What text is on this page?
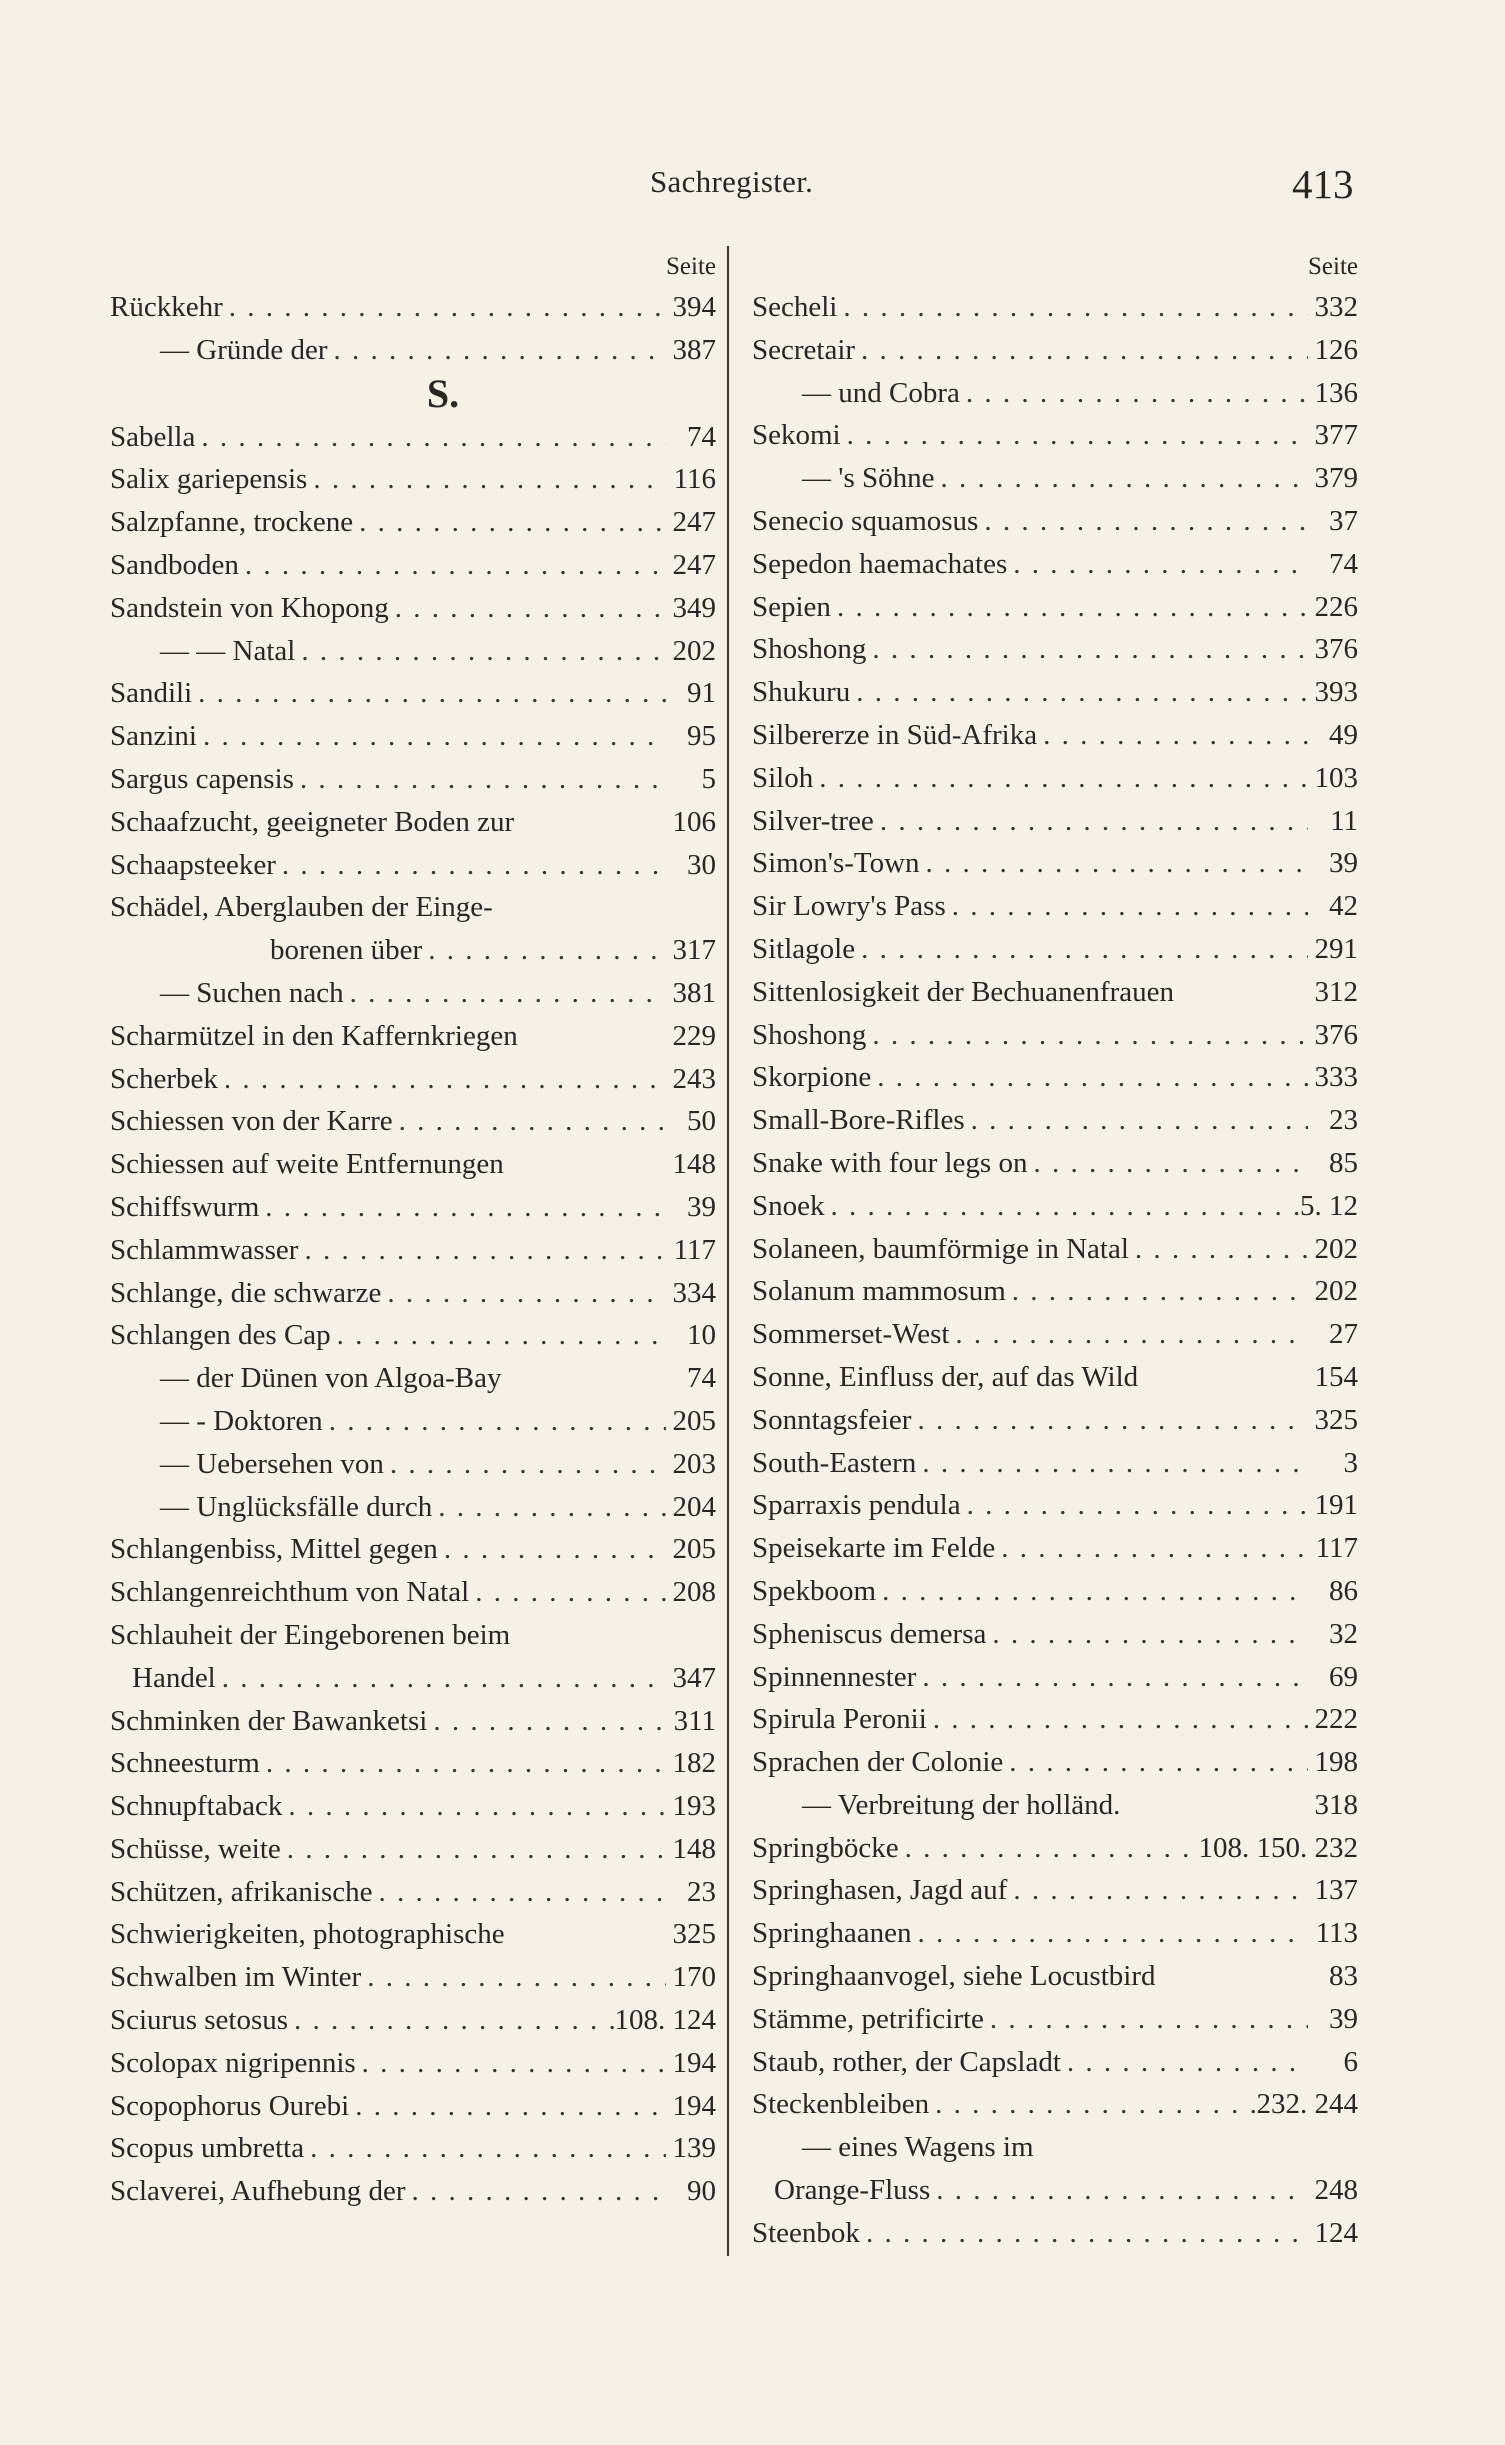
Sachregister.	413
Seite
Rückkehr . . .	394
— Gründe der . . .	387
S.
Sabella . . .	74
Salix gariepensis . . .	116
Salzpfanne, trockene . . .	247
Sandboden . . .	247
Sandstein von Khopong . . .	349
— — Natal . . .	202
Sandili . . .	91
Sanzini . . .	95
Sargus capensis . . .	5
Schaafzucht, geeigneter Boden zur	106
Schaapsteeker . . .	30
Schädel, Aberglauben der Einge-
borenen über . . .	317
— Suchen nach . . .	381
Scharmützel in den Kaffernkriegen	229
Scherbek . . .	243
Schiessen von der Karre . . .	50
Schiessen auf weite Entfernungen	148
Schiffswurm . . .	39
Schlammwasser . . .	117
Schlange, die schwarze . . .	334
Schlangen des Cap . . .	10
— der Dünen von Algoa-Bay	74
— - Doktoren . . .	205
— Uebersehen von . . .	203
— Unglücksfälle durch . . .	204
Schlangenbiss, Mittel gegen . . .	205
Schlangenreichthum von Natal . . .	208
Schlauheit der Eingeborenen beim
Handel . . .	347
Schminken der Bawanketsi . . .	311
Schneesturm . . .	182
Schnupftaback . . .	193
Schüsse, weite . . .	148
Schützen, afrikanische . . .	23
Schwierigkeiten, photographische	325
Schwalben im Winter . . .	170
Sciurus setosus . . .	108. 124
Scolopax nigripennis . . .	194
Scopophorus Ourebi . . .	194
Scopus umbretta . . .	139
Sclaverei, Aufhebung der . . .	90
Seite
Secheli . . .	332
Secretair . . .	126
— und Cobra . . .	136
Sekomi . . .	377
— 's Söhne . . .	379
Senecio squamosus . . .	37
Sepedon haemachates . . .	74
Sepien . . .	226
Shoshong . . .	376
Shukuru . . .	393
Silbererze in Süd-Afrika . . .	49
Siloh . . .	103
Silver-tree . . .	11
Simon's-Town . . .	39
Sir Lowry's Pass . . .	42
Sitlagole . . .	291
Sittenlosigkeit der Bechuanenfrauen	312
Shoshong . . .	376
Skorpione . . .	333
Small-Bore-Rifles . . .	23
Snake with four legs on . . .	85
Snoek . . .	5. 12
Solaneen, baumförmige in Natal . . .	202
Solanum mammosum . . .	202
Sommerset-West . . .	27
Sonne, Einfluss der, auf das Wild	154
Sonntagsfeier . . .	325
South-Eastern . . .	3
Sparraxis pendula . . .	191
Speisekarte im Felde . . .	117
Spekboom . . .	86
Spheniscus demersa . . .	32
Spinnennester . . .	69
Spirula Peronii . . .	222
Sprachen der Colonie . . .	198
— Verbreitung der holländ.	318
Springböcke . . .	108. 150. 232
Springhasen, Jagd auf . . .	137
Springhaanen . . .	113
Springhaanvogel, siehe Locustbird	83
Stämme, petrificirte . . .	39
Staub, rother, der Capsladt . . .	6
Steckenbleiben . . .	232. 244
— eines Wagens im
Orange-Fluss . . .	248
Steenbok . . .	124
